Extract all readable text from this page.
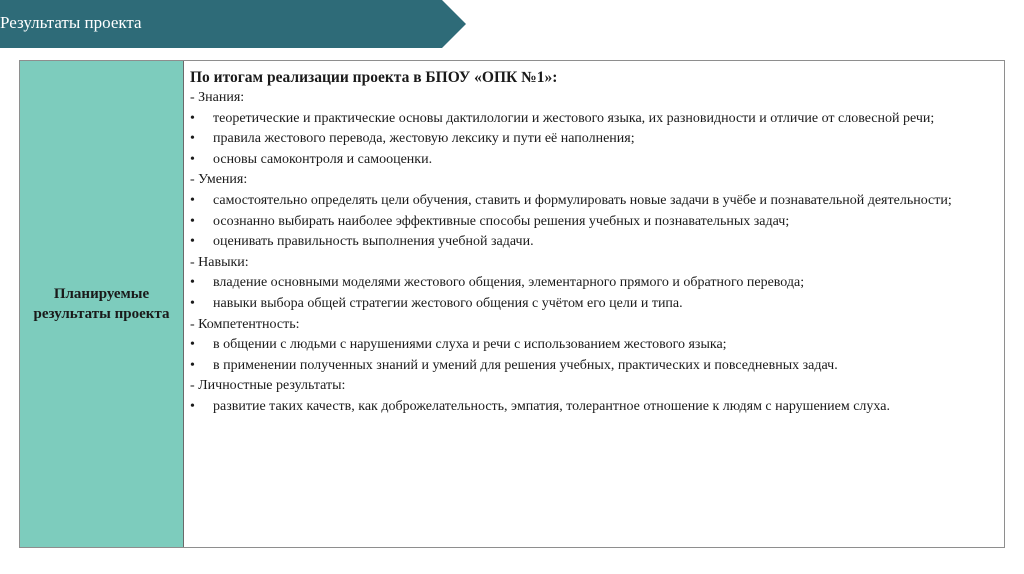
Результаты проекта
Планируемые результаты проекта
По итогам реализации проекта в БПОУ «ОПК №1»:
- Знания:
•	теоретические и практические основы дактилологии и жестового языка, их разновидности и отличие от словесной речи;
•	правила жестового перевода, жестовую лексику и пути её наполнения;
•	основы самоконтроля и самооценки.
- Умения:
•	самостоятельно определять цели обучения, ставить и формулировать новые задачи в учёбе и познавательной деятельности;
•	осознанно выбирать наиболее эффективные способы решения учебных и познавательных задач;
•	оценивать правильность выполнения учебной задачи.
- Навыки:
•	владение основными моделями жестового общения, элементарного прямого и обратного перевода;
•	навыки выбора общей стратегии жестового общения с учётом его цели и типа.
- Компетентность:
•	в общении с людьми с нарушениями слуха и речи с использованием жестового языка;
•	в применении полученных знаний и умений для решения учебных, практических и повседневных задач.
- Личностные результаты:
•	развитие таких качеств, как доброжелательность, эмпатия, толерантное отношение к людям с нарушением слуха.
